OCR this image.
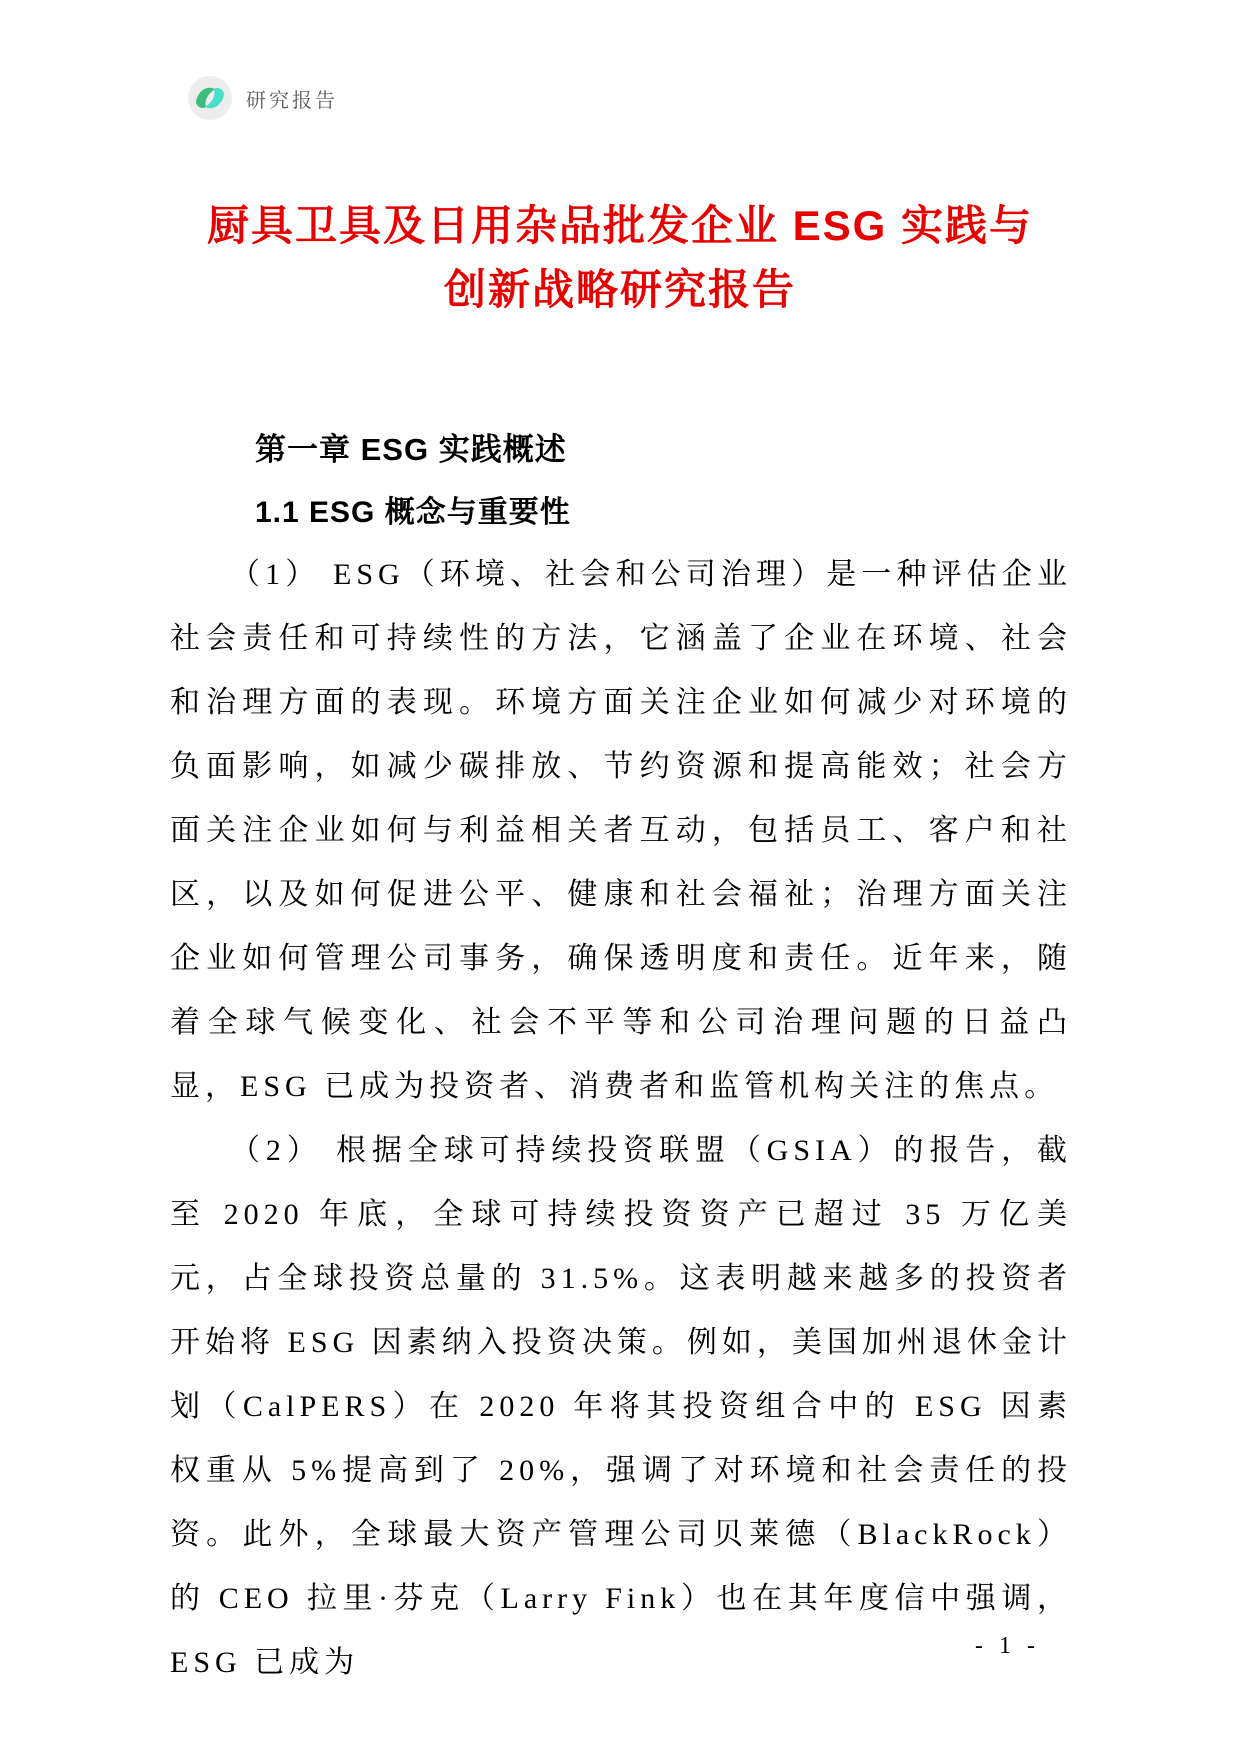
研究报告
厨具卫具及日用杂品批发企业 ESG 实践与
创新战略研究报告
第一章 ESG 实践概述
1.1 ESG 概念与重要性

（1） ESG（环境、社会和公司治理）是一种评估企业社会责任和可持续性的方法，它涵盖了企业在环境、社会和治理方面的表现。环境方面关注企业如何减少对环境的负面影响，如减少碳排放、节约资源和提高能效；社会方面关注企业如何与利益相关者互动，包括员工、客户和社区，以及如何促进公平、健康和社会福祉；治理方面关注企业如何管理公司事务，确保透明度和责任。近年来，随着全球气候变化、社会不平等和公司治理问题的日益凸显，ESG 已成为投资者、消费者和监管机构关注的焦点。

（2） 根据全球可持续投资联盟（GSIA）的报告，截至 2020 年底，全球可持续投资资产已超过 35 万亿美元，占全球投资总量的 31.5%。这表明越来越多的投资者开始将 ESG 因素纳入投资决策。例如，美国加州退休金计划（CalPERS）在 2020 年将其投资组合中的 ESG 因素权重从 5%提高到了 20%，强调了对环境和社会责任的投资。此外，全球最大资产管理公司贝莱德（BlackRock）的 CEO 拉里·芬克（Larry Fink）也在其年度信中强调，ESG 已成为	- 1 -
